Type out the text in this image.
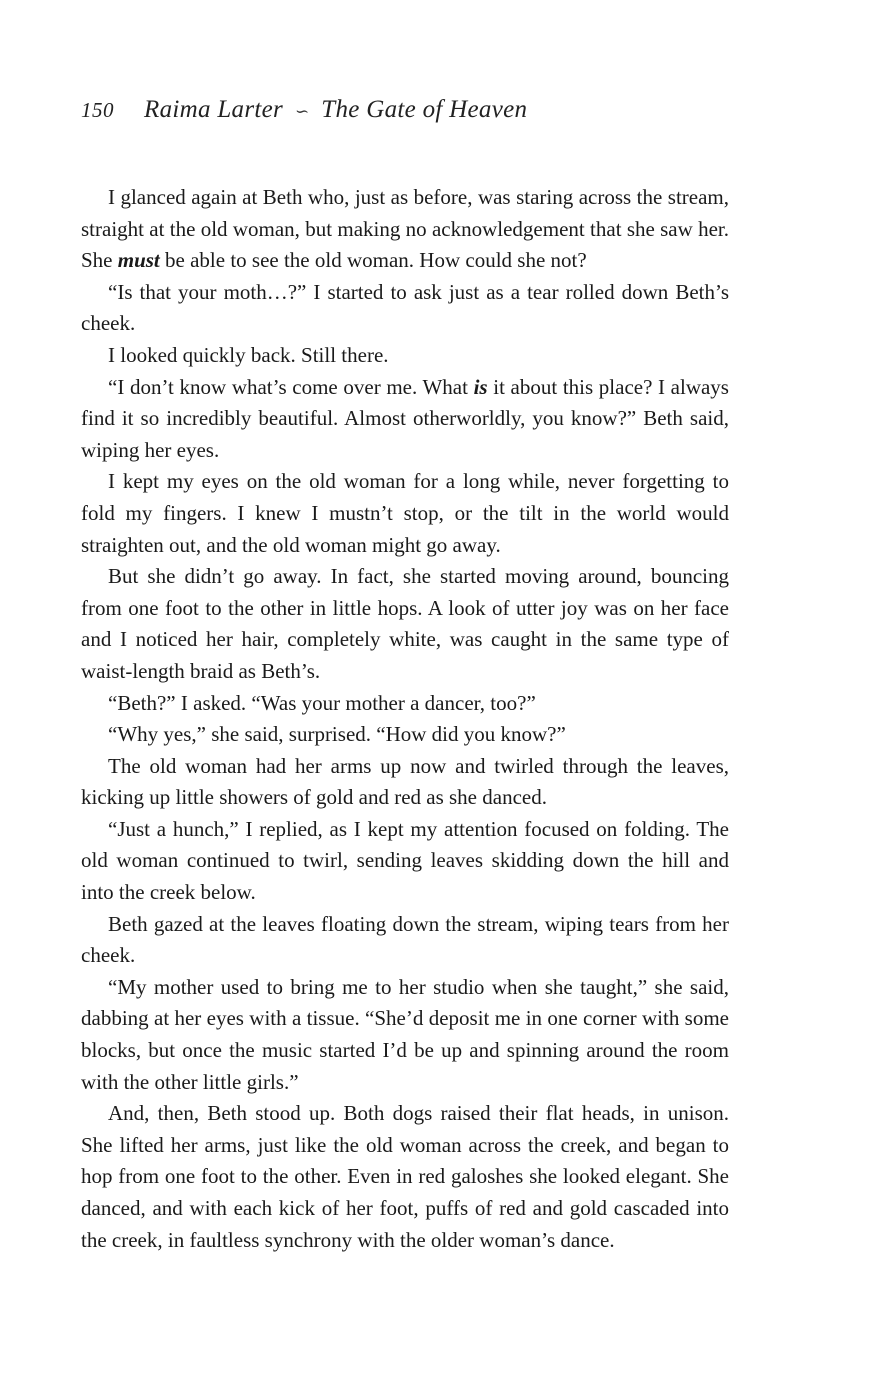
150 Raima Larter ∽ The Gate of Heaven

I glanced again at Beth who, just as before, was staring across the stream, straight at the old woman, but making no acknowledgement that she saw her. She must be able to see the old woman. How could she not?

“Is that your moth…?” I started to ask just as a tear rolled down Beth’s cheek.

I looked quickly back. Still there.

“I don’t know what’s come over me. What is it about this place? I always find it so incredibly beautiful. Almost otherworldly, you know?” Beth said, wiping her eyes.

I kept my eyes on the old woman for a long while, never forgetting to fold my fingers. I knew I mustn’t stop, or the tilt in the world would straighten out, and the old woman might go away.

But she didn’t go away. In fact, she started moving around, bouncing from one foot to the other in little hops. A look of utter joy was on her face and I noticed her hair, completely white, was caught in the same type of waist-length braid as Beth’s.

“Beth?” I asked. “Was your mother a dancer, too?”

“Why yes,” she said, surprised. “How did you know?”

The old woman had her arms up now and twirled through the leaves, kicking up little showers of gold and red as she danced.

“Just a hunch,” I replied, as I kept my attention focused on folding. The old woman continued to twirl, sending leaves skidding down the hill and into the creek below.

Beth gazed at the leaves floating down the stream, wiping tears from her cheek.

“My mother used to bring me to her studio when she taught,” she said, dabbing at her eyes with a tissue. “She’d deposit me in one corner with some blocks, but once the music started I’d be up and spinning around the room with the other little girls.”

And, then, Beth stood up. Both dogs raised their flat heads, in unison. She lifted her arms, just like the old woman across the creek, and began to hop from one foot to the other. Even in red galoshes she looked elegant. She danced, and with each kick of her foot, puffs of red and gold cascaded into the creek, in faultless synchrony with the older woman’s dance.
